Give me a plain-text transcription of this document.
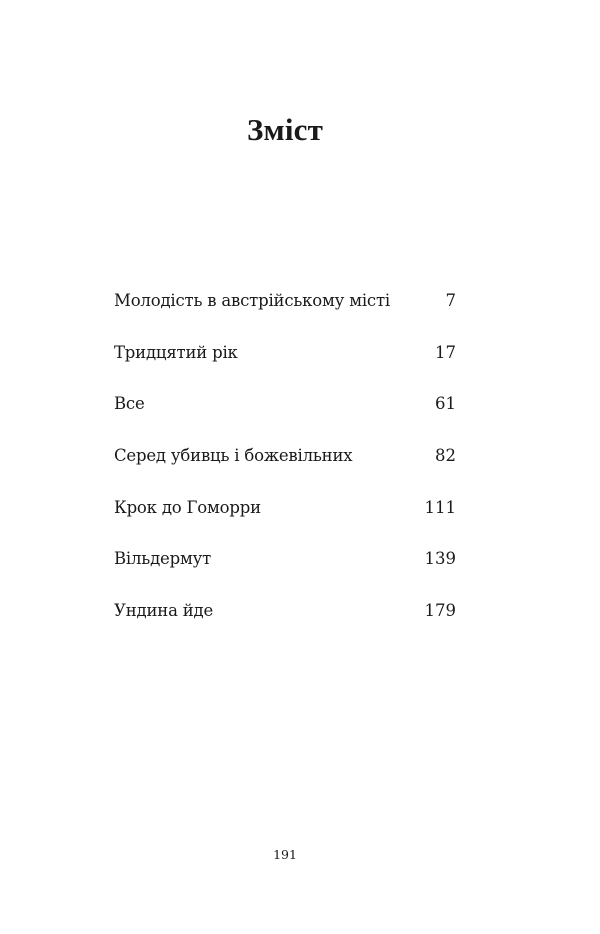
Зміст
Молодість в австрійському місті	7
Тридцятий рік	17
Все	61
Серед убивць і божевільних	82
Крок до Гоморри	111
Вільдермут	139
Ундина йде	179
191
